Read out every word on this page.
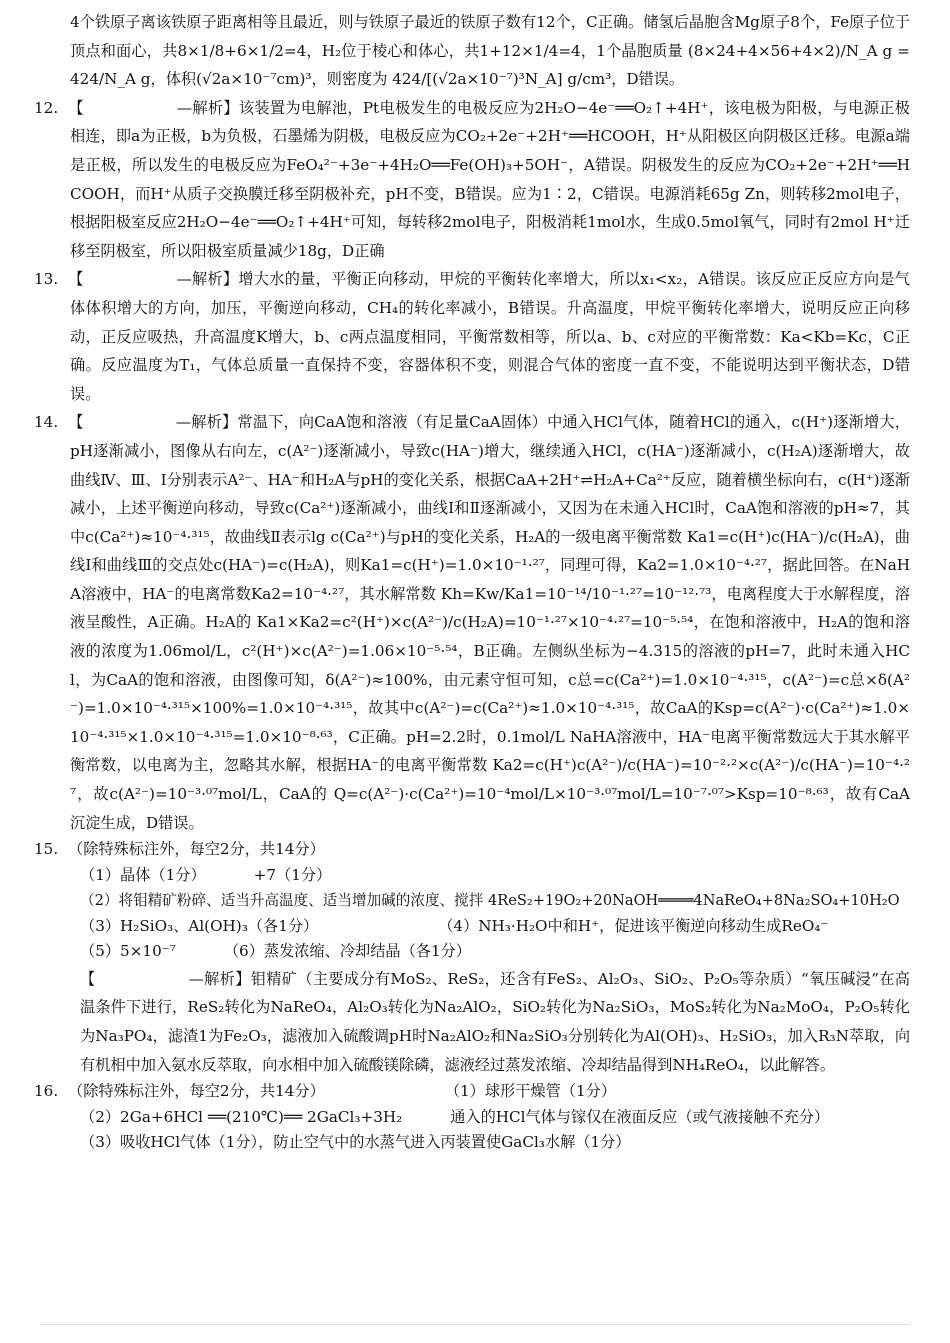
4个铁原子离该铁原子距离相等且最近，则与铁原子最近的铁原子数有12个，C正确。储氢后晶胞含Mg原子8个，Fe原子位于顶点和面心，共8×1/8+6×1/2=4，H₂位于棱心和体心，共1+12×1/4=4，1个晶胞质量 (8×24+4×56+4×2)/N_A g = 424/N_A g，体积(√2a×10⁻⁷cm)³，则密度为 424/[(√2a×10⁻⁷)³N_A] g/cm³，D错误。

12. 【　　　　　　—解析】该装置为电解池，Pt电极发生的电极反应为2H₂O−4e⁻══O₂↑+4H⁺，该电极为阳极，与电源正极相连，即a为正极，b为负极，石墨烯为阴极，电极反应为CO₂+2e⁻+2H⁺══HCOOH，H⁺从阳极区向阴极区迁移。电源a端是正极，所以发生的电极反应为FeO₄²⁻+3e⁻+4H₂O══Fe(OH)₃+5OH⁻，A错误。阴极发生的反应为CO₂+2e⁻+2H⁺══HCOOH，而H⁺从质子交换膜迁移至阴极补充，pH不变，B错误。应为1∶2，C错误。电源消耗65g Zn，则转移2mol电子，根据阳极室反应2H₂O−4e⁻══O₂↑+4H⁺可知，每转移2mol电子，阳极消耗1mol水，生成0.5mol氧气，同时有2mol H⁺迁移至阴极室，所以阳极室质量减少18g，D正确

13. 【　　　　　　—解析】增大水的量，平衡正向移动，甲烷的平衡转化率增大，所以x₁<x₂，A错误。该反应正反应方向是气体体积增大的方向，加压，平衡逆向移动，CH₄的转化率减小，B错误。升高温度，甲烷平衡转化率增大，说明反应正向移动，正反应吸热，升高温度K增大，b、c两点温度相同，平衡常数相等，所以a、b、c对应的平衡常数：Ka<Kb=Kc，C正确。反应温度为T₁，气体总质量一直保持不变，容器体积不变，则混合气体的密度一直不变，不能说明达到平衡状态，D错误。

14. 【　　　　　　—解析】常温下，向CaA饱和溶液（有足量CaA固体）中通入HCl气体，随着HCl的通入，c(H⁺)逐渐增大，pH逐渐减小，图像从右向左，c(A²⁻)逐渐减小，导致c(HA⁻)增大，继续通入HCl，c(HA⁻)逐渐减小，c(H₂A)逐渐增大，故曲线Ⅳ、Ⅲ、Ⅰ分别表示A²⁻、HA⁻和H₂A与pH的变化关系，根据CaA+2H⁺⇌H₂A+Ca²⁺反应，随着横坐标向右，c(H⁺)逐渐减小，上述平衡逆向移动，导致c(Ca²⁺)逐渐减小，曲线Ⅰ和Ⅱ逐渐减小，又因为在未通入HCl时，CaA饱和溶液的pH≈7，其中c(Ca²⁺)≈10⁻⁴·³¹⁵，故曲线Ⅱ表示lg c(Ca²⁺)与pH的变化关系，H₂A的一级电离平衡常数 Ka1=c(H⁺)c(HA⁻)/c(H₂A)，曲线Ⅰ和曲线Ⅲ的交点处c(HA⁻)=c(H₂A)，则Ka1=c(H⁺)=1.0×10⁻¹·²⁷，同理可得，Ka2=1.0×10⁻⁴·²⁷，据此回答。在NaHA溶液中，HA⁻的电离常数Ka2=10⁻⁴·²⁷，其水解常数 Kh=Kw/Ka1=10⁻¹⁴/10⁻¹·²⁷=10⁻¹²·⁷³，电离程度大于水解程度，溶液呈酸性，A正确。H₂A的 Ka1×Ka2=c²(H⁺)×c(A²⁻)/c(H₂A)=10⁻¹·²⁷×10⁻⁴·²⁷=10⁻⁵·⁵⁴，在饱和溶液中，H₂A的饱和溶液的浓度为1.06mol/L，c²(H⁺)×c(A²⁻)=1.06×10⁻⁵·⁵⁴，B正确。左侧纵坐标为−4.315的溶液的pH=7，此时未通入HCl，为CaA的饱和溶液，由图像可知，δ(A²⁻)≈100%，由元素守恒可知，c总=c(Ca²⁺)=1.0×10⁻⁴·³¹⁵，c(A²⁻)=c总×δ(A²⁻)=1.0×10⁻⁴·³¹⁵×100%=1.0×10⁻⁴·³¹⁵，故其中c(A²⁻)=c(Ca²⁺)≈1.0×10⁻⁴·³¹⁵，故CaA的Ksp=c(A²⁻)·c(Ca²⁺)≈1.0×10⁻⁴·³¹⁵×1.0×10⁻⁴·³¹⁵=1.0×10⁻⁸·⁶³，C正确。pH=2.2时，0.1mol/L NaHA溶液中，HA⁻电离平衡常数远大于其水解平衡常数，以电离为主，忽略其水解，根据HA⁻的电离平衡常数 Ka2=c(H⁺)c(A²⁻)/c(HA⁻)=10⁻²·²×c(A²⁻)/c(HA⁻)=10⁻⁴·²⁷，故c(A²⁻)=10⁻³·⁰⁷mol/L，CaA的 Q=c(A²⁻)·c(Ca²⁺)=10⁻⁴mol/L×10⁻³·⁰⁷mol/L=10⁻⁷·⁰⁷>Ksp=10⁻⁸·⁶³，故有CaA沉淀生成，D错误。

15. （除特殊标注外，每空2分，共14分）

（1）晶体（1分）	+7（1分）

（2）将钼精矿粉碎、适当升高温度、适当增加碱的浓度、搅拌 4ReS₂+19O₂+20NaOH════4NaReO₄+8Na₂SO₄+10H₂O

（3）H₂SiO₃、Al(OH)₃（各1分）	（4）NH₃·H₂O中和H⁺，促进该平衡逆向移动生成ReO₄⁻

（5）5×10⁻⁷	（6）蒸发浓缩、冷却结晶（各1分）

【　　　　　　—解析】钼精矿（主要成分有MoS₂、ReS₂，还含有FeS₂、Al₂O₃、SiO₂、P₂O₅等杂质）“氧压碱浸”在高温条件下进行，ReS₂转化为NaReO₄，Al₂O₃转化为Na₂AlO₂，SiO₂转化为Na₂SiO₃，MoS₂转化为Na₂MoO₄，P₂O₅转化为Na₃PO₄，滤渣1为Fe₂O₃，滤液加入硫酸调pH时Na₂AlO₂和Na₂SiO₃分别转化为Al(OH)₃、H₂SiO₃，加入R₃N萃取，向有机相中加入氨水反萃取，向水相中加入硫酸镁除磷，滤液经过蒸发浓缩、冷却结晶得到NH₄ReO₄，以此解答。

16. （除特殊标注外，每空2分，共14分）	（1）球形干燥管（1分）

（2）2Ga+6HCl ══(210℃)══ 2GaCl₃+3H₂	通入的HCl气体与镓仅在液面反应（或气液接触不充分）

（3）吸收HCl气体（1分），防止空气中的水蒸气进入丙装置使GaCl₃水解（1分）
